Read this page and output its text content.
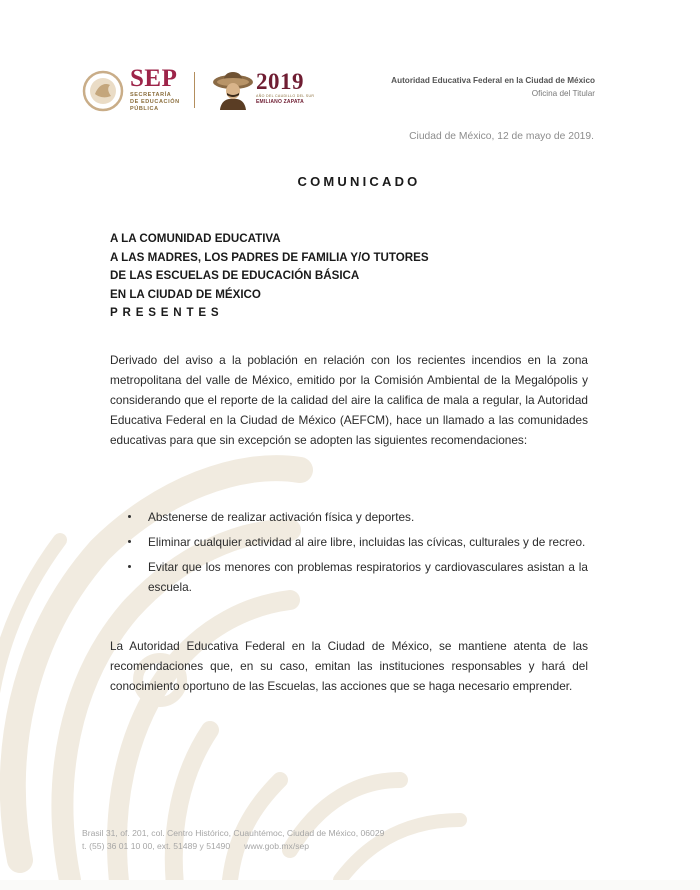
SEP
SECRETARÍA
DE EDUCACIÓN
PÚBLICA
2019
AÑO DEL CAUDILLO DEL SUR
EMILIANO ZAPATA
Autoridad Educativa Federal en la Ciudad de México
Oficina del Titular
Ciudad de México, 12 de mayo de 2019.
COMUNICADO
A LA COMUNIDAD EDUCATIVA
A LAS MADRES, LOS PADRES DE FAMILIA Y/O TUTORES
DE LAS ESCUELAS DE EDUCACIÓN BÁSICA
EN LA CIUDAD DE MÉXICO
PRESENTES
Derivado del aviso a la población en relación con los recientes incendios en la zona metropolitana del valle de México, emitido por la Comisión Ambiental de la Megalópolis y considerando que el reporte de la calidad del aire la califica de mala a regular, la Autoridad Educativa Federal en la Ciudad de México (AEFCM), hace un llamado a las comunidades educativas para que sin excepción se adopten las siguientes recomendaciones:
Abstenerse de realizar activación física y deportes.
Eliminar cualquier actividad al aire libre, incluidas las cívicas, culturales y de recreo.
Evitar que los menores con problemas respiratorios y cardiovasculares asistan a la escuela.
La Autoridad Educativa Federal en la Ciudad de México, se mantiene atenta de las recomendaciones que, en su caso, emitan las instituciones responsables y hará del conocimiento oportuno de las Escuelas, las acciones que se haga necesario emprender.
Brasil 31, of. 201, col. Centro Histórico, Cuauhtémoc, Ciudad de México, 06029
t. (55) 36 01 10 00, ext. 51489 y 51490 www.gob.mx/sep
